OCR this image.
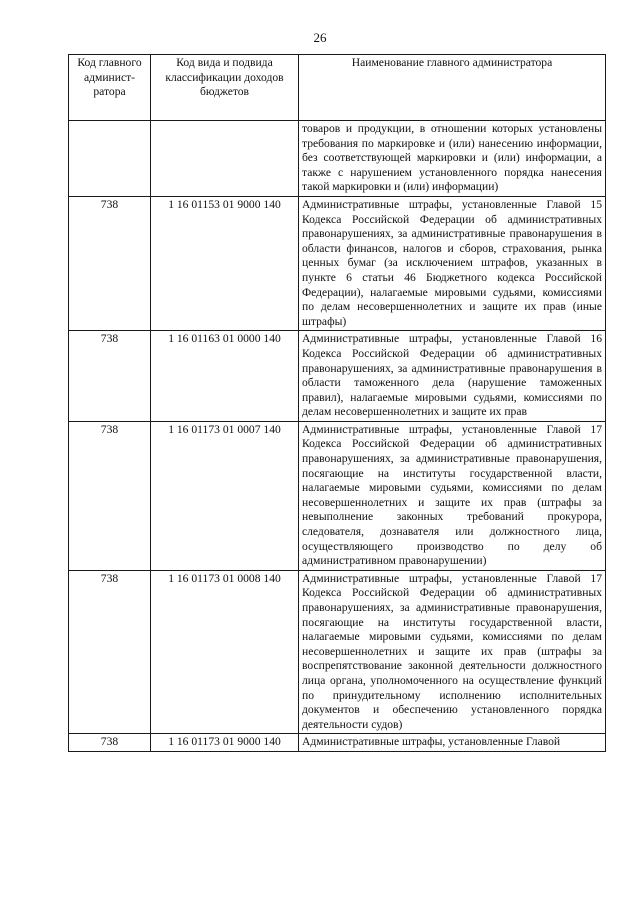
26
Код главного админист-ратора	Код вида и подвида классификации доходов бюджетов	Наименование главного администратора
		товаров и продукции, в отношении которых установлены требования по маркировке и (или) нанесению информации, без соответствующей маркировки и (или) информации, а также с нарушением установленного порядка нанесения такой маркировки и (или) информации)
738	1 16 01153 01 9000 140	Административные штрафы, установленные Главой 15 Кодекса Российской Федерации об административных правонарушениях, за административные правонарушения в области финансов, налогов и сборов, страхования, рынка ценных бумаг (за исключением штрафов, указанных в пункте 6 статьи 46 Бюджетного кодекса Российской Федерации), налагаемые мировыми судьями, комиссиями по делам несовершеннолетних и защите их прав (иные штрафы)
738	1 16 01163 01 0000 140	Административные штрафы, установленные Главой 16 Кодекса Российской Федерации об административных правонарушениях, за административные правонарушения в области таможенного дела (нарушение таможенных правил), налагаемые мировыми судьями, комиссиями по делам несовершеннолетних и защите их прав
738	1 16 01173 01 0007 140	Административные штрафы, установленные Главой 17 Кодекса Российской Федерации об административных правонарушениях, за административные правонарушения, посягающие на институты государственной власти, налагаемые мировыми судьями, комиссиями по делам несовершеннолетних и защите их прав (штрафы за невыполнение законных требований прокурора, следователя, дознавателя или должностного лица, осуществляющего производство по делу об административном правонарушении)
738	1 16 01173 01 0008 140	Административные штрафы, установленные Главой 17 Кодекса Российской Федерации об административных правонарушениях, за административные правонарушения, посягающие на институты государственной власти, налагаемые мировыми судьями, комиссиями по делам несовершеннолетних и защите их прав (штрафы за воспрепятствование законной деятельности должностного лица органа, уполномоченного на осуществление функций по принудительному исполнению исполнительных документов и обеспечению установленного порядка деятельности судов)
738	1 16 01173 01 9000 140	Административные штрафы, установленные Главой
